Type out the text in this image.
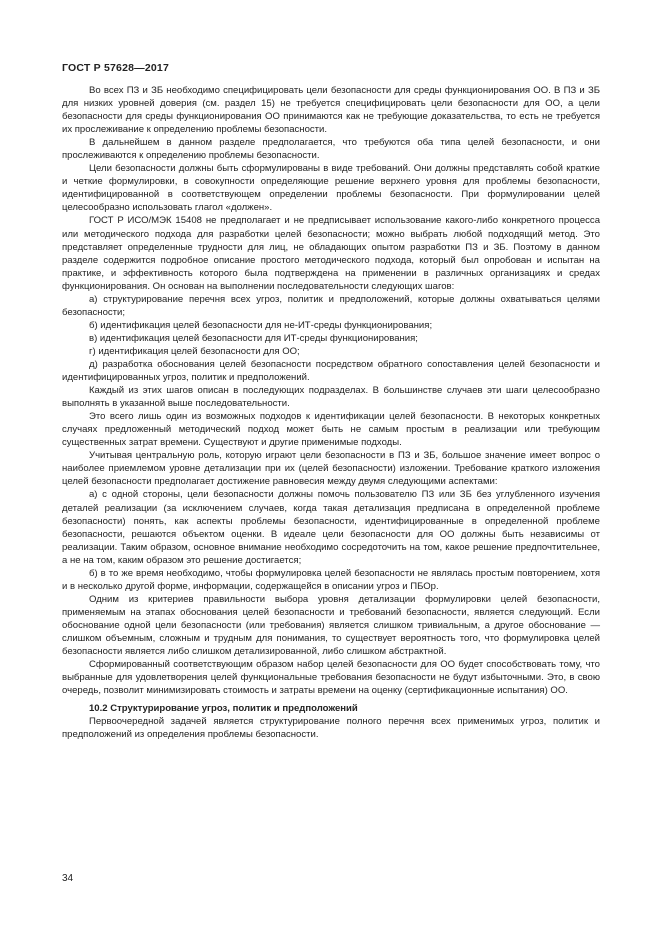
ГОСТ Р 57628—2017

Во всех ПЗ и ЗБ необходимо специфицировать цели безопасности для среды функционирования ОО. В ПЗ и ЗБ для низких уровней доверия (см. раздел 15) не требуется специфицировать цели безопасности для ОО, а цели безопасности для среды функционирования ОО принимаются как не требующие доказательства, то есть не требуется их прослеживание к определению проблемы безопасности.

В дальнейшем в данном разделе предполагается, что требуются оба типа целей безопасности, и они прослеживаются к определению проблемы безопасности.

Цели безопасности должны быть сформулированы в виде требований. Они должны представлять собой краткие и четкие формулировки, в совокупности определяющие решение верхнего уровня для проблемы безопасности, идентифицированной в соответствующем определении проблемы безопасности. При формулировании целей целесообразно использовать глагол «должен».

ГОСТ Р ИСО/МЭК 15408 не предполагает и не предписывает использование какого-либо конкретного процесса или методического подхода для разработки целей безопасности; можно выбрать любой подходящий метод. Это представляет определенные трудности для лиц, не обладающих опытом разработки ПЗ и ЗБ. Поэтому в данном разделе содержится подробное описание простого методического подхода, который был опробован и испытан на практике, и эффективность которого была подтверждена на применении в различных организациях и средах функционирования. Он основан на выполнении последовательности следующих шагов:

а) структурирование перечня всех угроз, политик и предположений, которые должны охватываться целями безопасности;

б) идентификация целей безопасности для не-ИТ-среды функционирования;

в) идентификация целей безопасности для ИТ-среды функционирования;

г) идентификация целей безопасности для ОО;

д) разработка обоснования целей безопасности посредством обратного сопоставления целей безопасности и идентифицированных угроз, политик и предположений.

Каждый из этих шагов описан в последующих подразделах. В большинстве случаев эти шаги целесообразно выполнять в указанной выше последовательности.

Это всего лишь один из возможных подходов к идентификации целей безопасности. В некоторых конкретных случаях предложенный методический подход может быть не самым простым в реализации или требующим существенных затрат времени. Существуют и другие применимые подходы.

Учитывая центральную роль, которую играют цели безопасности в ПЗ и ЗБ, большое значение имеет вопрос о наиболее приемлемом уровне детализации при их (целей безопасности) изложении. Требование краткого изложения целей безопасности предполагает достижение равновесия между двумя следующими аспектами:

а) с одной стороны, цели безопасности должны помочь пользователю ПЗ или ЗБ без углубленного изучения деталей реализации (за исключением случаев, когда такая детализация предписана в определенной проблеме безопасности) понять, как аспекты проблемы безопасности, идентифицированные в определенной проблеме безопасности, решаются объектом оценки. В идеале цели безопасности для ОО должны быть независимы от реализации. Таким образом, основное внимание необходимо сосредоточить на том, какое решение предпочтительнее, а не на том, каким образом это решение достигается;

б) в то же время необходимо, чтобы формулировка целей безопасности не являлась простым повторением, хотя и в несколько другой форме, информации, содержащейся в описании угроз и ПБОр.

Одним из критериев правильности выбора уровня детализации формулировки целей безопасности, применяемым на этапах обоснования целей безопасности и требований безопасности, является следующий. Если обоснование одной цели безопасности (или требования) является слишком тривиальным, а другое обоснование — слишком объемным, сложным и трудным для понимания, то существует вероятность того, что формулировка целей безопасности является либо слишком детализированной, либо слишком абстрактной.

Сформированный соответствующим образом набор целей безопасности для ОО будет способствовать тому, что выбранные для удовлетворения целей функциональные требования безопасности не будут избыточными. Это, в свою очередь, позволит минимизировать стоимость и затраты времени на оценку (сертификационные испытания) ОО.

10.2 Структурирование угроз, политик и предположений

Первоочередной задачей является структурирование полного перечня всех применимых угроз, политик и предположений из определения проблемы безопасности.

34
